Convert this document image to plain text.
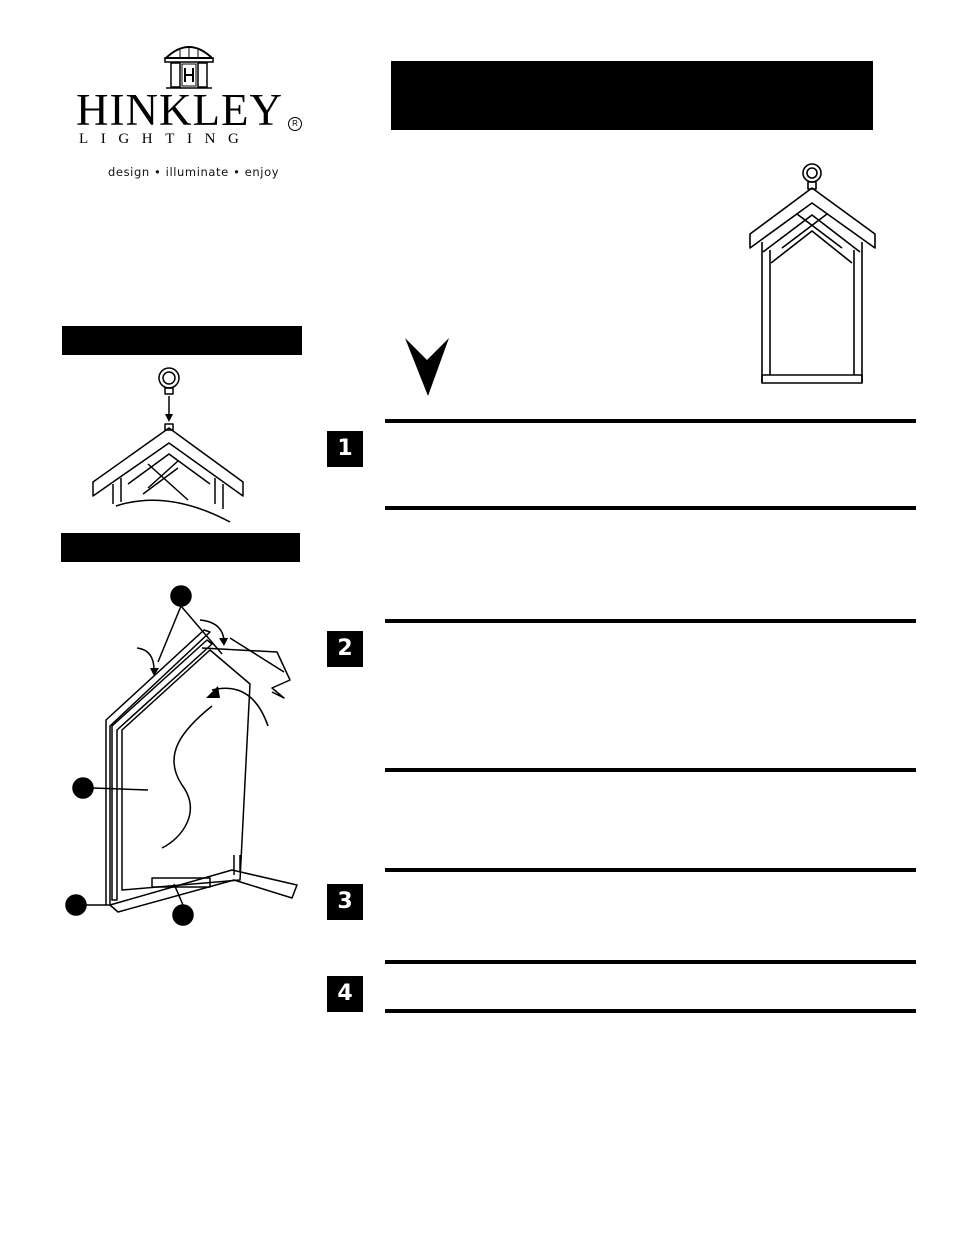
HINKLEY	R
LIGHTING
design • illuminate • enjoy
1
2
3
4
